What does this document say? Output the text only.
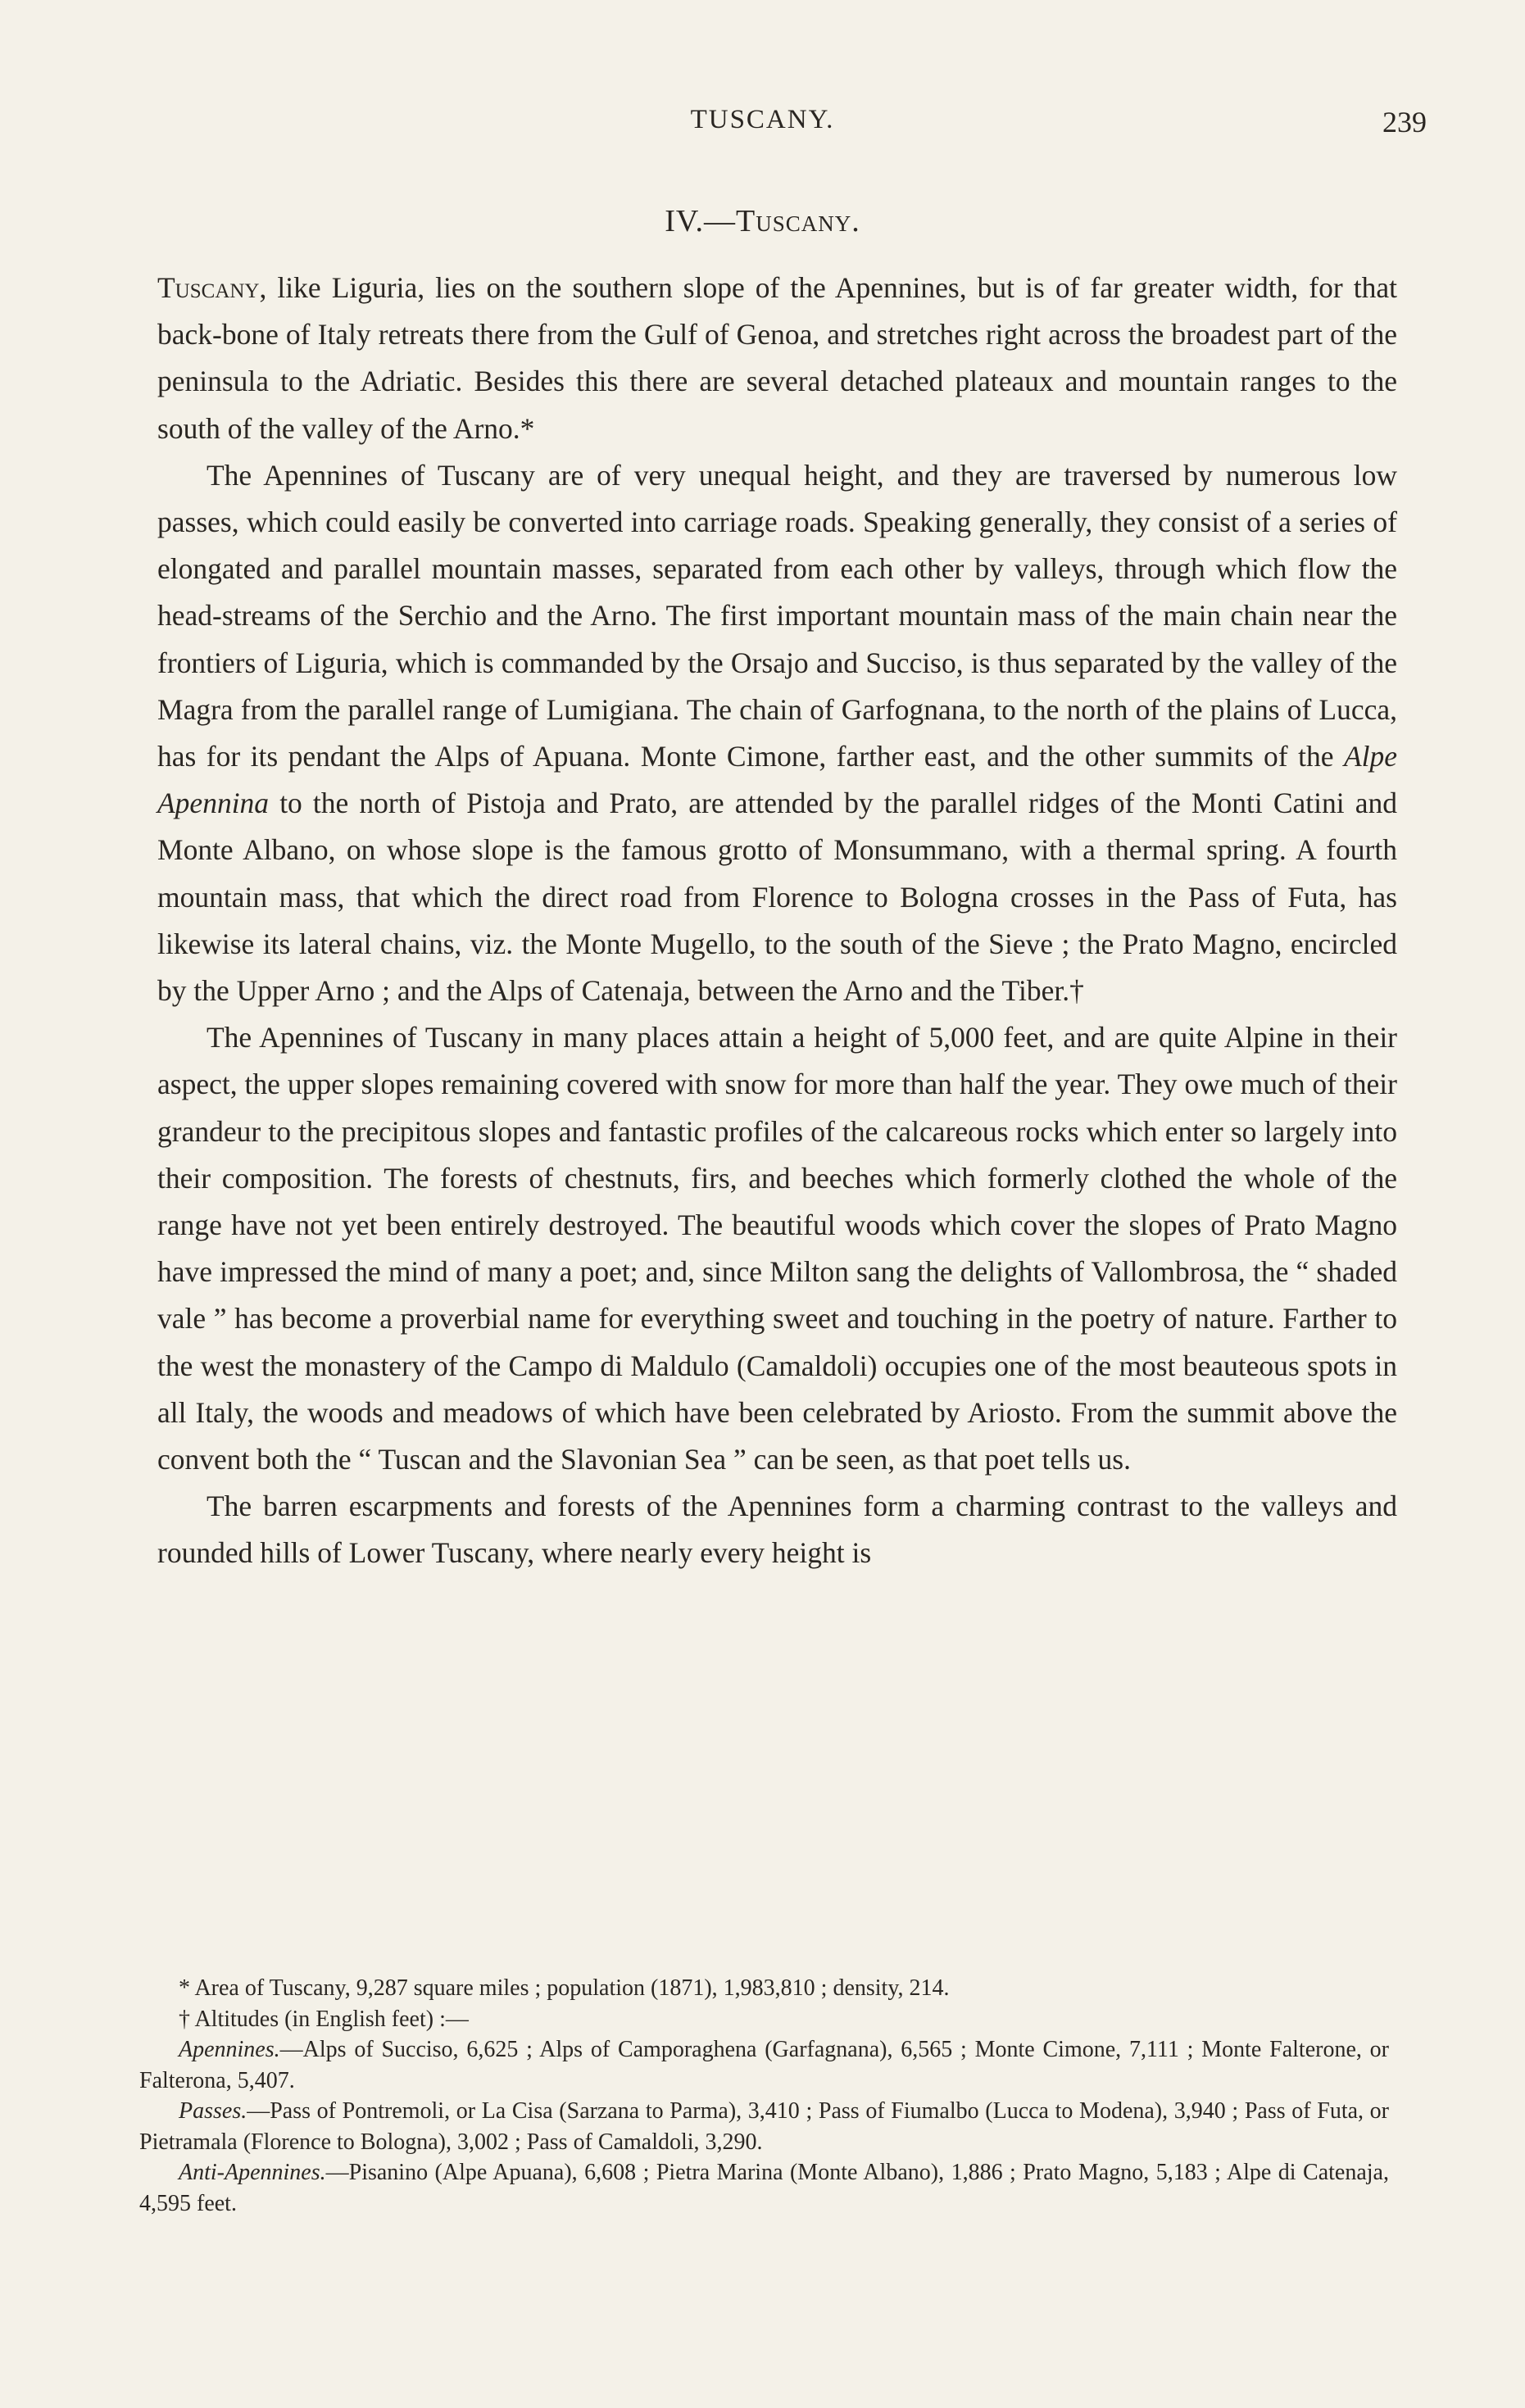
TUSCANY.	239
IV.—Tuscany.

Tuscany, like Liguria, lies on the southern slope of the Apennines, but is of far greater width, for that back-bone of Italy retreats there from the Gulf of Genoa, and stretches right across the broadest part of the peninsula to the Adriatic. Besides this there are several detached plateaux and mountain ranges to the south of the valley of the Arno.*

The Apennines of Tuscany are of very unequal height, and they are traversed by numerous low passes, which could easily be converted into carriage roads. Speaking generally, they consist of a series of elongated and parallel mountain masses, separated from each other by valleys, through which flow the head-streams of the Serchio and the Arno. The first important mountain mass of the main chain near the frontiers of Liguria, which is commanded by the Orsajo and Succiso, is thus separated by the valley of the Magra from the parallel range of Lumigiana. The chain of Garfognana, to the north of the plains of Lucca, has for its pendant the Alps of Apuana. Monte Cimone, farther east, and the other summits of the Alpe Apennina to the north of Pistoja and Prato, are attended by the parallel ridges of the Monti Catini and Monte Albano, on whose slope is the famous grotto of Monsummano, with a thermal spring. A fourth mountain mass, that which the direct road from Florence to Bologna crosses in the Pass of Futa, has likewise its lateral chains, viz. the Monte Mugello, to the south of the Sieve ; the Prato Magno, encircled by the Upper Arno ; and the Alps of Catenaja, between the Arno and the Tiber.†

The Apennines of Tuscany in many places attain a height of 5,000 feet, and are quite Alpine in their aspect, the upper slopes remaining covered with snow for more than half the year. They owe much of their grandeur to the precipitous slopes and fantastic profiles of the calcareous rocks which enter so largely into their composition. The forests of chestnuts, firs, and beeches which formerly clothed the whole of the range have not yet been entirely destroyed. The beautiful woods which cover the slopes of Prato Magno have impressed the mind of many a poet; and, since Milton sang the delights of Vallombrosa, the “ shaded vale ” has become a proverbial name for everything sweet and touching in the poetry of nature. Farther to the west the monastery of the Campo di Maldulo (Camaldoli) occupies one of the most beauteous spots in all Italy, the woods and meadows of which have been celebrated by Ariosto. From the summit above the convent both the “ Tuscan and the Slavonian Sea ” can be seen, as that poet tells us.

The barren escarpments and forests of the Apennines form a charming contrast to the valleys and rounded hills of Lower Tuscany, where nearly every height is

* Area of Tuscany, 9,287 square miles ; population (1871), 1,983,810 ; density, 214.

† Altitudes (in English feet) :—

Apennines.—Alps of Succiso, 6,625 ; Alps of Camporaghena (Garfagnana), 6,565 ; Monte Cimone, 7,111 ; Monte Falterone, or Falterona, 5,407.

Passes.—Pass of Pontremoli, or La Cisa (Sarzana to Parma), 3,410 ; Pass of Fiumalbo (Lucca to Modena), 3,940 ; Pass of Futa, or Pietramala (Florence to Bologna), 3,002 ; Pass of Camaldoli, 3,290.

Anti-Apennines.—Pisanino (Alpe Apuana), 6,608 ; Pietra Marina (Monte Albano), 1,886 ; Prato Magno, 5,183 ; Alpe di Catenaja, 4,595 feet.
